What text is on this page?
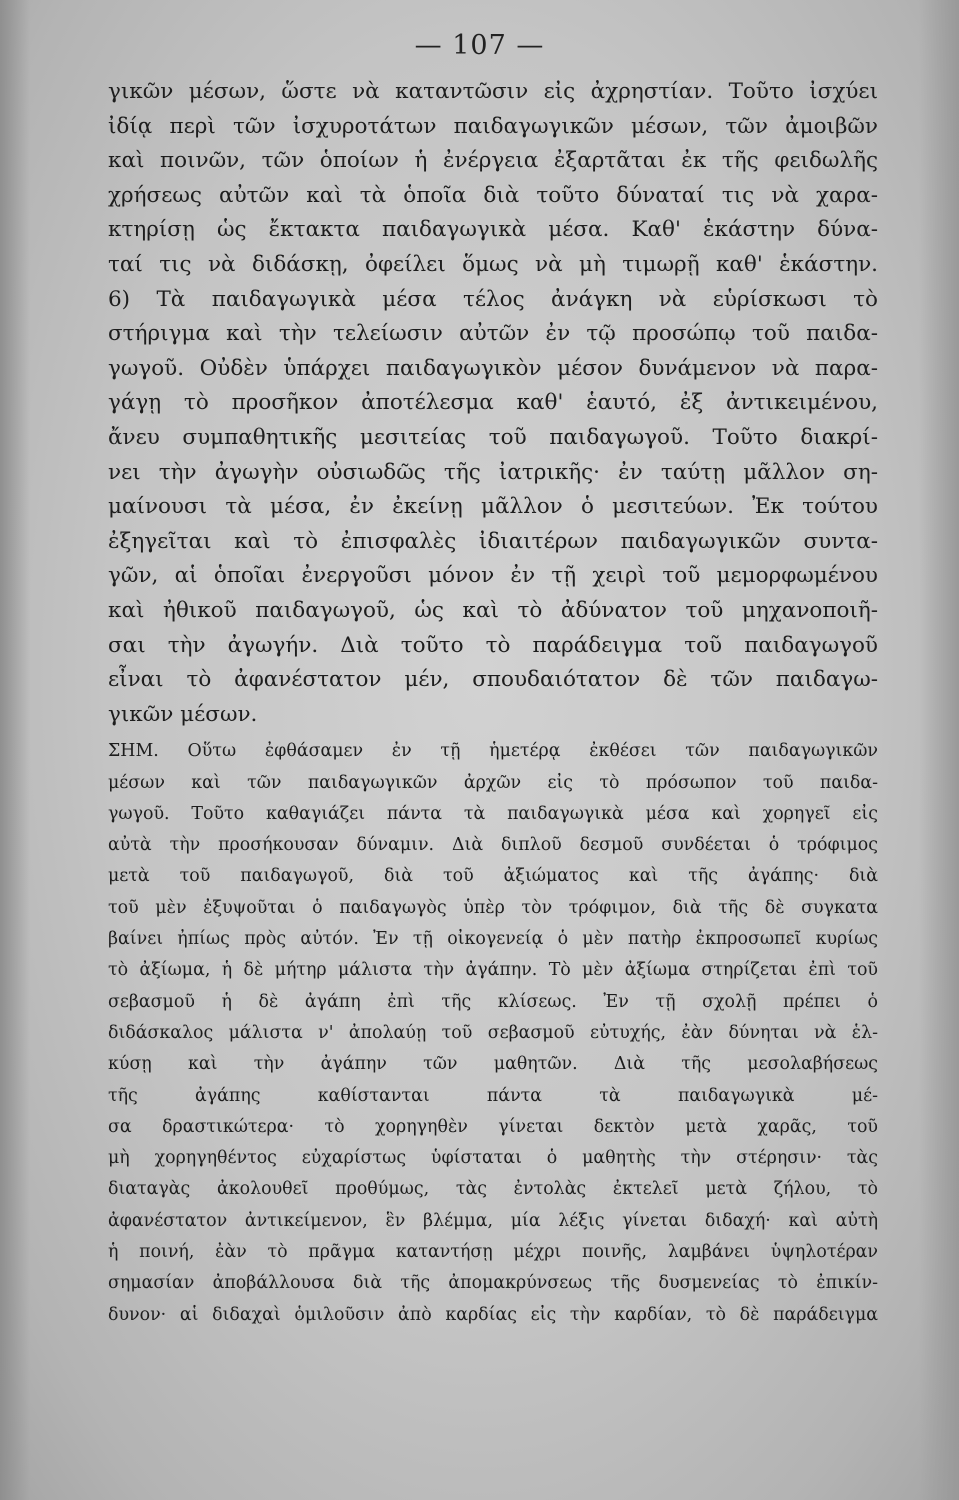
— 107 —
γικῶν μέσων, ὥστε νὰ καταντῶσιν εἰς ἀχρηστίαν. Τοῦτο ἰσχύει
ἰδίᾳ περὶ τῶν ἰσχυροτάτων παιδαγωγικῶν μέσων, τῶν ἀμοιβῶν
καὶ ποινῶν, τῶν ὁποίων ἡ ἐνέργεια ἐξαρτᾶται ἐκ τῆς φειδωλῆς
χρήσεως αὐτῶν καὶ τὰ ὁποῖα διὰ τοῦτο δύναταί τις νὰ χαρα-
κτηρίσῃ ὡς ἔκτακτα παιδαγωγικὰ μέσα. Καθ' ἑκάστην δύνα-
ταί τις νὰ διδάσκῃ, ὀφείλει ὅμως νὰ μὴ τιμωρῇ καθ' ἑκάστην.
6) Τὰ παιδαγωγικὰ μέσα τέλος ἀνάγκη νὰ εὑρίσκωσι τὸ
στήριγμα καὶ τὴν τελείωσιν αὐτῶν ἐν τῷ προσώπῳ τοῦ παιδα-
γωγοῦ. Οὐδὲν ὑπάρχει παιδαγωγικὸν μέσον δυνάμενον νὰ παρα-
γάγῃ τὸ προσῆκον ἀποτέλεσμα καθ' ἑαυτό, ἐξ ἀντικειμένου,
ἄνευ συμπαθητικῆς μεσιτείας τοῦ παιδαγωγοῦ. Τοῦτο διακρί-
νει τὴν ἀγωγὴν οὐσιωδῶς τῆς ἰατρικῆς· ἐν ταύτῃ μᾶλλον ση-
μαίνουσι τὰ μέσα, ἐν ἐκείνῃ μᾶλλον ὁ μεσιτεύων. Ἐκ τούτου
ἐξηγεῖται καὶ τὸ ἐπισφαλὲς ἰδιαιτέρων παιδαγωγικῶν συντα-
γῶν, αἱ ὁποῖαι ἐνεργοῦσι μόνον ἐν τῇ χειρὶ τοῦ μεμορφωμένου
καὶ ἠθικοῦ παιδαγωγοῦ, ὡς καὶ τὸ ἀδύνατον τοῦ μηχανοποιῆ-
σαι τὴν ἀγωγήν. Διὰ τοῦτο τὸ παράδειγμα τοῦ παιδαγωγοῦ
εἶναι τὸ ἀφανέστατον μέν, σπουδαιότατον δὲ τῶν παιδαγω-
γικῶν μέσων.
ΣΗΜ. Οὕτω ἐφθάσαμεν ἐν τῇ ἡμετέρᾳ ἐκθέσει τῶν παιδαγωγικῶν
μέσων καὶ τῶν παιδαγωγικῶν ἀρχῶν εἰς τὸ πρόσωπον τοῦ παιδα-
γωγοῦ. Τοῦτο καθαγιάζει πάντα τὰ παιδαγωγικὰ μέσα καὶ χορηγεῖ εἰς
αὐτὰ τὴν προσήκουσαν δύναμιν. Διὰ διπλοῦ δεσμοῦ συνδέεται ὁ τρόφιμος
μετὰ τοῦ παιδαγωγοῦ, διὰ τοῦ ἀξιώματος καὶ τῆς ἀγάπης· διὰ
τοῦ μὲν ἐξυψοῦται ὁ παιδαγωγὸς ὑπὲρ τὸν τρόφιμον, διὰ τῆς δὲ συγκατα
βαίνει ἠπίως πρὸς αὐτόν. Ἐν τῇ οἰκογενείᾳ ὁ μὲν πατὴρ ἐκπροσωπεῖ κυρίως
τὸ ἀξίωμα, ἡ δὲ μήτηρ μάλιστα τὴν ἀγάπην. Τὸ μὲν ἀξίωμα στηρίζεται ἐπὶ τοῦ
σεβασμοῦ ἡ δὲ ἀγάπη ἐπὶ τῆς κλίσεως. Ἐν τῇ σχολῇ πρέπει ὁ
διδάσκαλος μάλιστα ν' ἀπολαύῃ τοῦ σεβασμοῦ εὐτυχής, ἐὰν δύνηται νὰ ἑλ-
κύσῃ καὶ τὴν ἀγάπην τῶν μαθητῶν. Διὰ τῆς μεσολαβήσεως
τῆς ἀγάπης καθίστανται πάντα τὰ παιδαγωγικὰ μέ-
σα δραστικώτερα· τὸ χορηγηθὲν γίνεται δεκτὸν μετὰ χαρᾶς, τοῦ
μὴ χορηγηθέντος εὐχαρίστως ὑφίσταται ὁ μαθητὴς τὴν στέρησιν· τὰς
διαταγὰς ἀκολουθεῖ προθύμως, τὰς ἐντολὰς ἐκτελεῖ μετὰ ζήλου, τὸ
ἀφανέστατον ἀντικείμενον, ἓν βλέμμα, μία λέξις γίνεται διδαχή· καὶ αὐτὴ
ἡ ποινή, ἐὰν τὸ πρᾶγμα καταντήσῃ μέχρι ποινῆς, λαμβάνει ὑψηλοτέραν
σημασίαν ἀποβάλλουσα διὰ τῆς ἀπομακρύνσεως τῆς δυσμενείας τὸ ἐπικίν-
δυνον· αἱ διδαχαὶ ὁμιλοῦσιν ἀπὸ καρδίας εἰς τὴν καρδίαν, τὸ δὲ παράδειγμα
